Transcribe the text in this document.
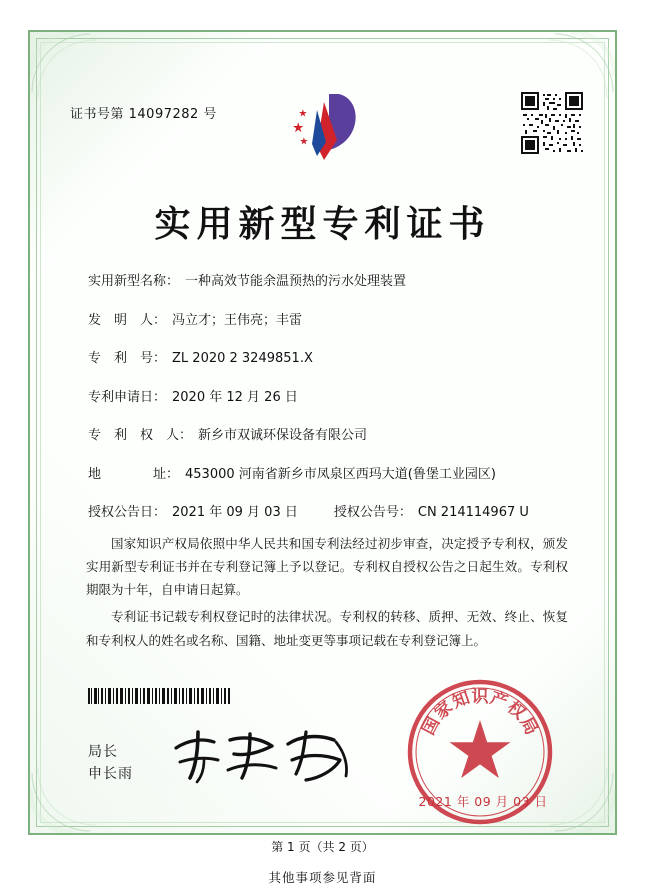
证书号第 14097282 号
实用新型专利证书
实用新型名称： 一种高效节能余温预热的污水处理装置
发　明　人： 冯立才；王伟亮；丰雷
专　利　号： ZL 2020 2 3249851.X
专利申请日： 2020 年 12 月 26 日
专　利　权　人： 新乡市双诚环保设备有限公司
地　　　　址： 453000 河南省新乡市凤泉区西玛大道(鲁堡工业园区)
授权公告日： 2021 年 09 月 03 日	授权公告号： CN 214114967 U

国家知识产权局依照中华人民共和国专利法经过初步审查，决定授予专利权，颁发实用新型专利证书并在专利登记簿上予以登记。专利权自授权公告之日起生效。专利权期限为十年，自申请日起算。

专利证书记载专利权登记时的法律状况。专利权的转移、质押、无效、终止、恢复和专利权人的姓名或名称、国籍、地址变更等事项记载在专利登记簿上。

局长
申长雨
国
家
知
识
产
权
局
2021 年 09 月 03 日
第 1 页（共 2 页）
其他事项参见背面
